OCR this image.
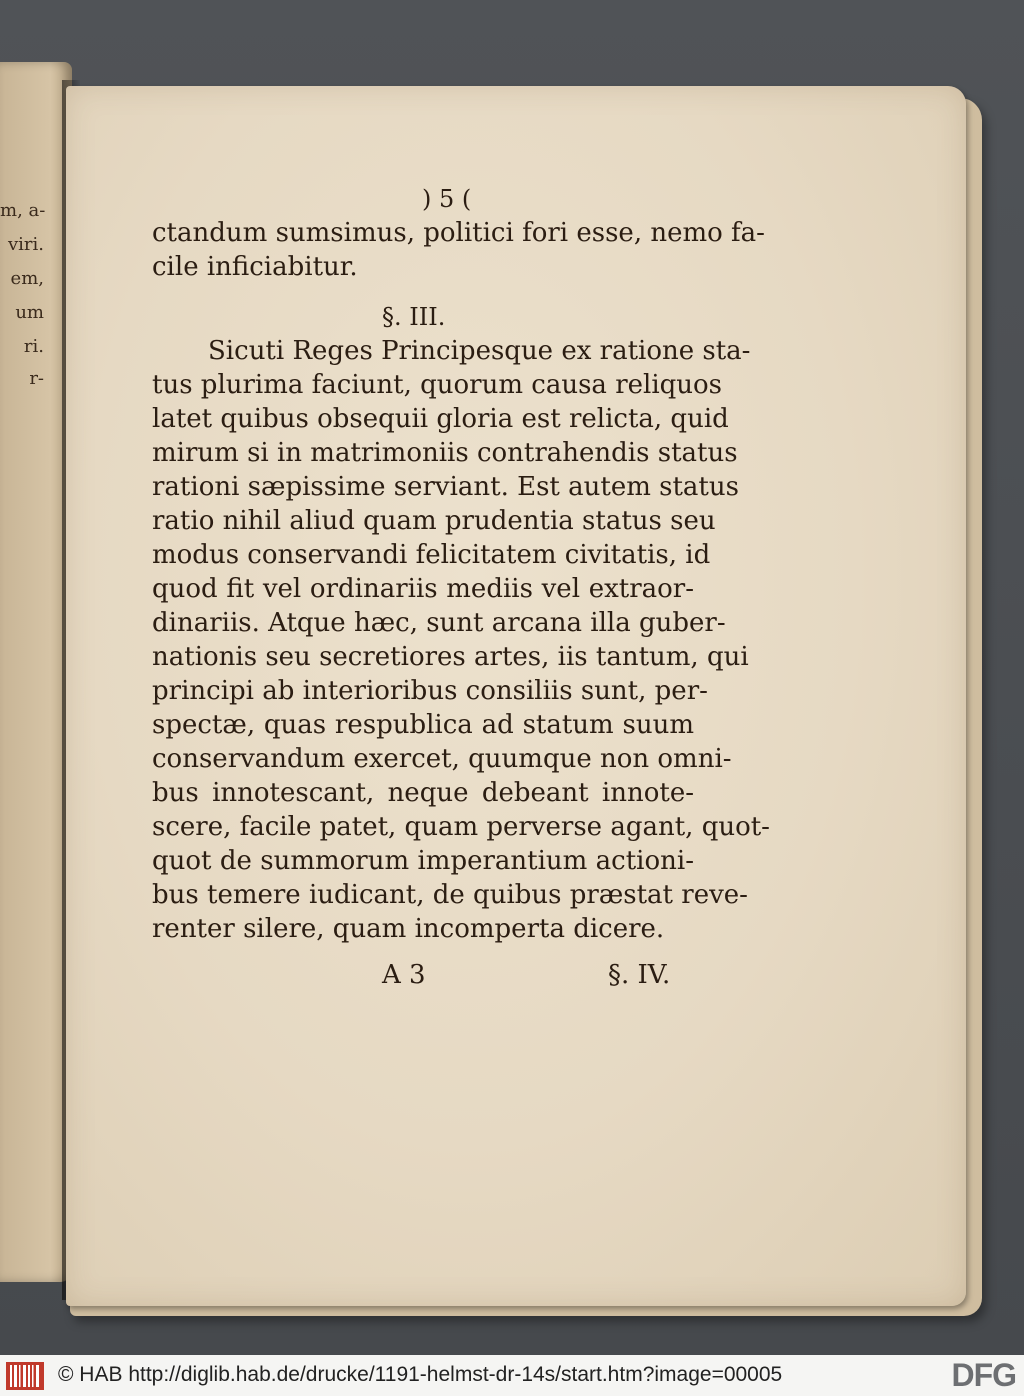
m, a-
viri.
em,
um
ri.
r-
) 5 (
ctandum sumsimus, politici fori esse, nemo fa-
cile inficiabitur.
§. III.
Sicuti Reges Principesque ex ratione sta-
tus plurima faciunt, quorum causa reliquos
latet quibus obsequii gloria est relicta, quid
mirum si in matrimoniis contrahendis status
rationi sæpissime serviant. Est autem status
ratio nihil aliud quam prudentia status seu
modus conservandi felicitatem civitatis, id
quod fit vel ordinariis mediis vel extraor-
dinariis. Atque hæc, sunt arcana illa guber-
nationis seu secretiores artes, iis tantum, qui
principi ab interioribus consiliis sunt, per-
spectæ, quas respublica ad statum suum
conservandum exercet, quumque non omni-
bus innotescant, neque debeant innote-
scere, facile patet, quam perverse agant, quot-
quot de summorum imperantium actioni-
bus temere iudicant, de quibus præstat reve-
renter silere, quam incomperta dicere.
A 3	§. IV.
© HAB http://diglib.hab.de/drucke/1191-helmst-dr-14s/start.htm?image=00005	DFG
